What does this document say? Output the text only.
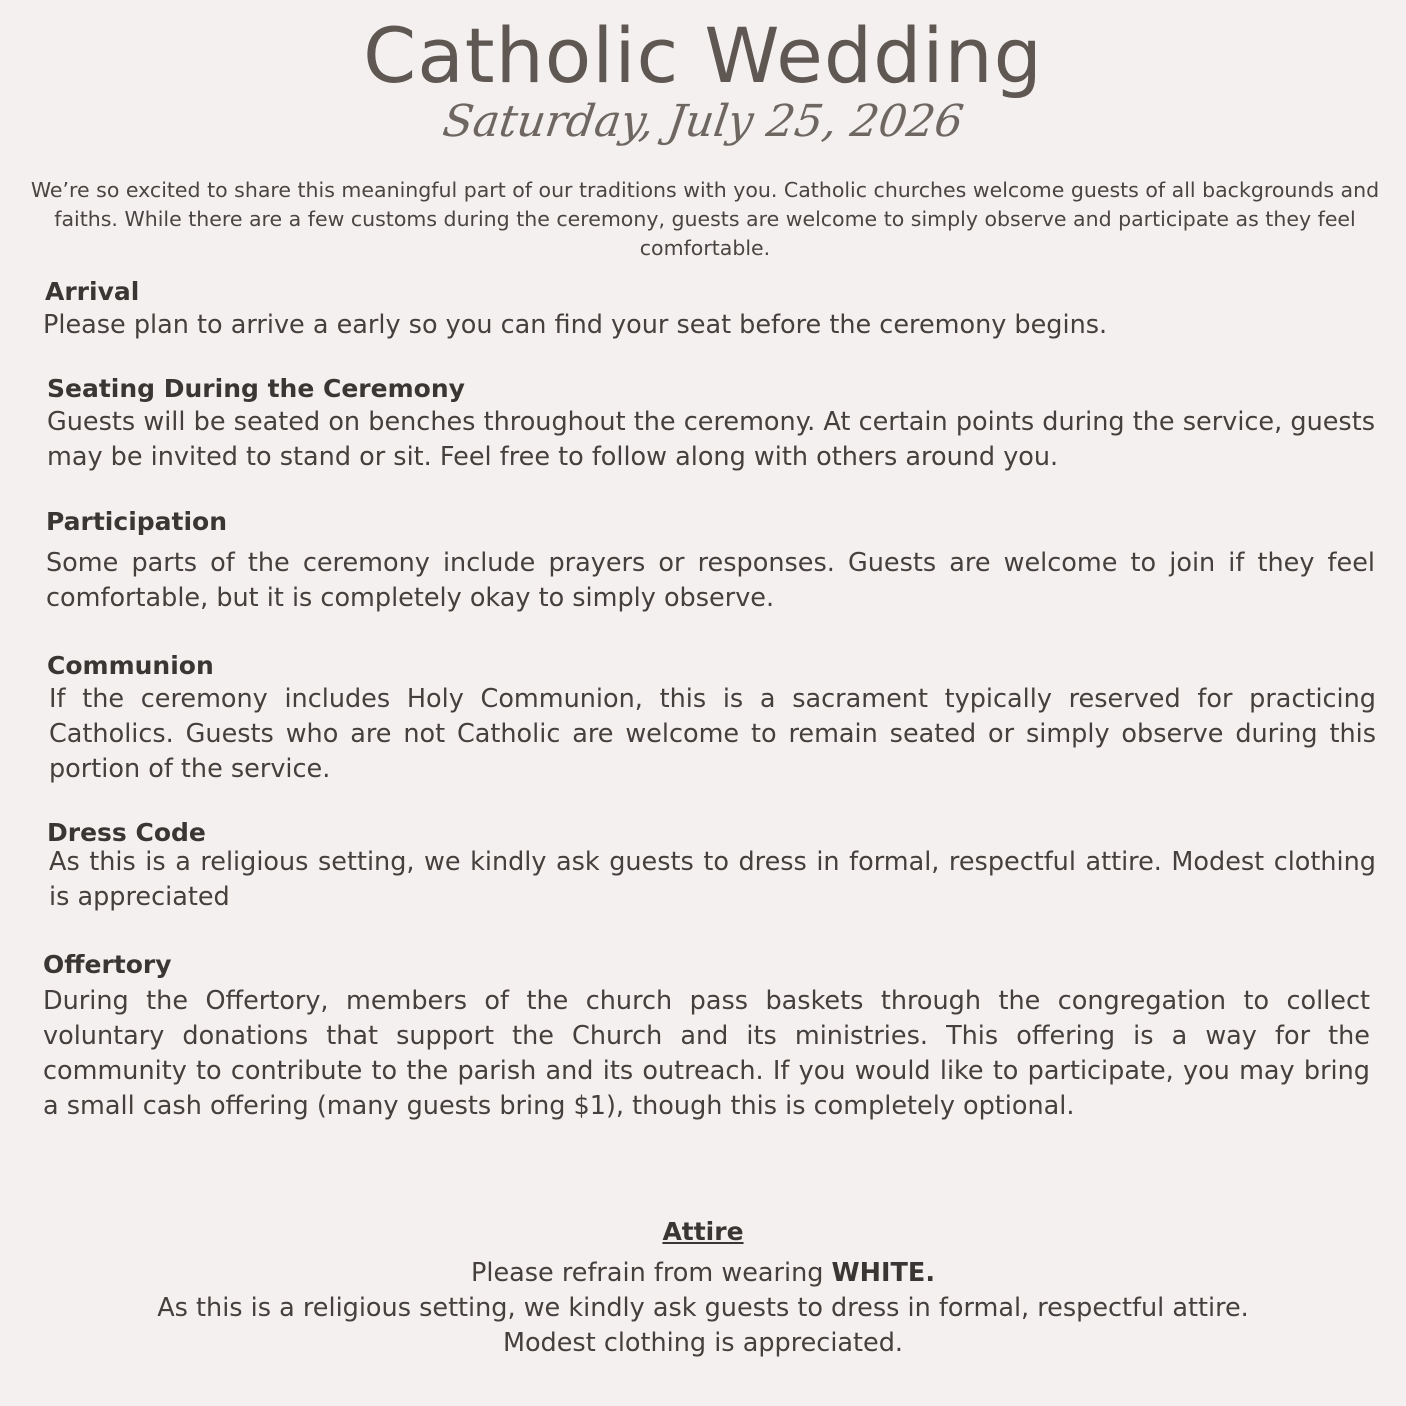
Catholic Wedding
Saturday, July 25, 2026
We’re so excited to share this meaningful part of our traditions with you. Catholic churches welcome guests of all backgrounds and faiths. While there are a few customs during the ceremony, guests are welcome to simply observe and participate as they feel comfortable.
Arrival
Please plan to arrive a early so you can find your seat before the ceremony begins.
Seating During the Ceremony
Guests will be seated on benches throughout the ceremony. At certain points during the service, guests may be invited to stand or sit. Feel free to follow along with others around you.
Participation
Some parts of the ceremony include prayers or responses. Guests are welcome to join if they feel comfortable, but it is completely okay to simply observe.
Communion
If the ceremony includes Holy Communion, this is a sacrament typically reserved for practicing Catholics. Guests who are not Catholic are welcome to remain seated or simply observe during this portion of the service.
Dress Code
As this is a religious setting, we kindly ask guests to dress in formal, respectful attire. Modest clothing is appreciated
Offertory
During the Offertory, members of the church pass baskets through the congregation to collect voluntary donations that support the Church and its ministries. This offering is a way for the community to contribute to the parish and its outreach. If you would like to participate, you may bring a small cash offering (many guests bring $1), though this is completely optional.
Attire
Please refrain from wearing WHITE.
As this is a religious setting, we kindly ask guests to dress in formal, respectful attire.
Modest clothing is appreciated.
